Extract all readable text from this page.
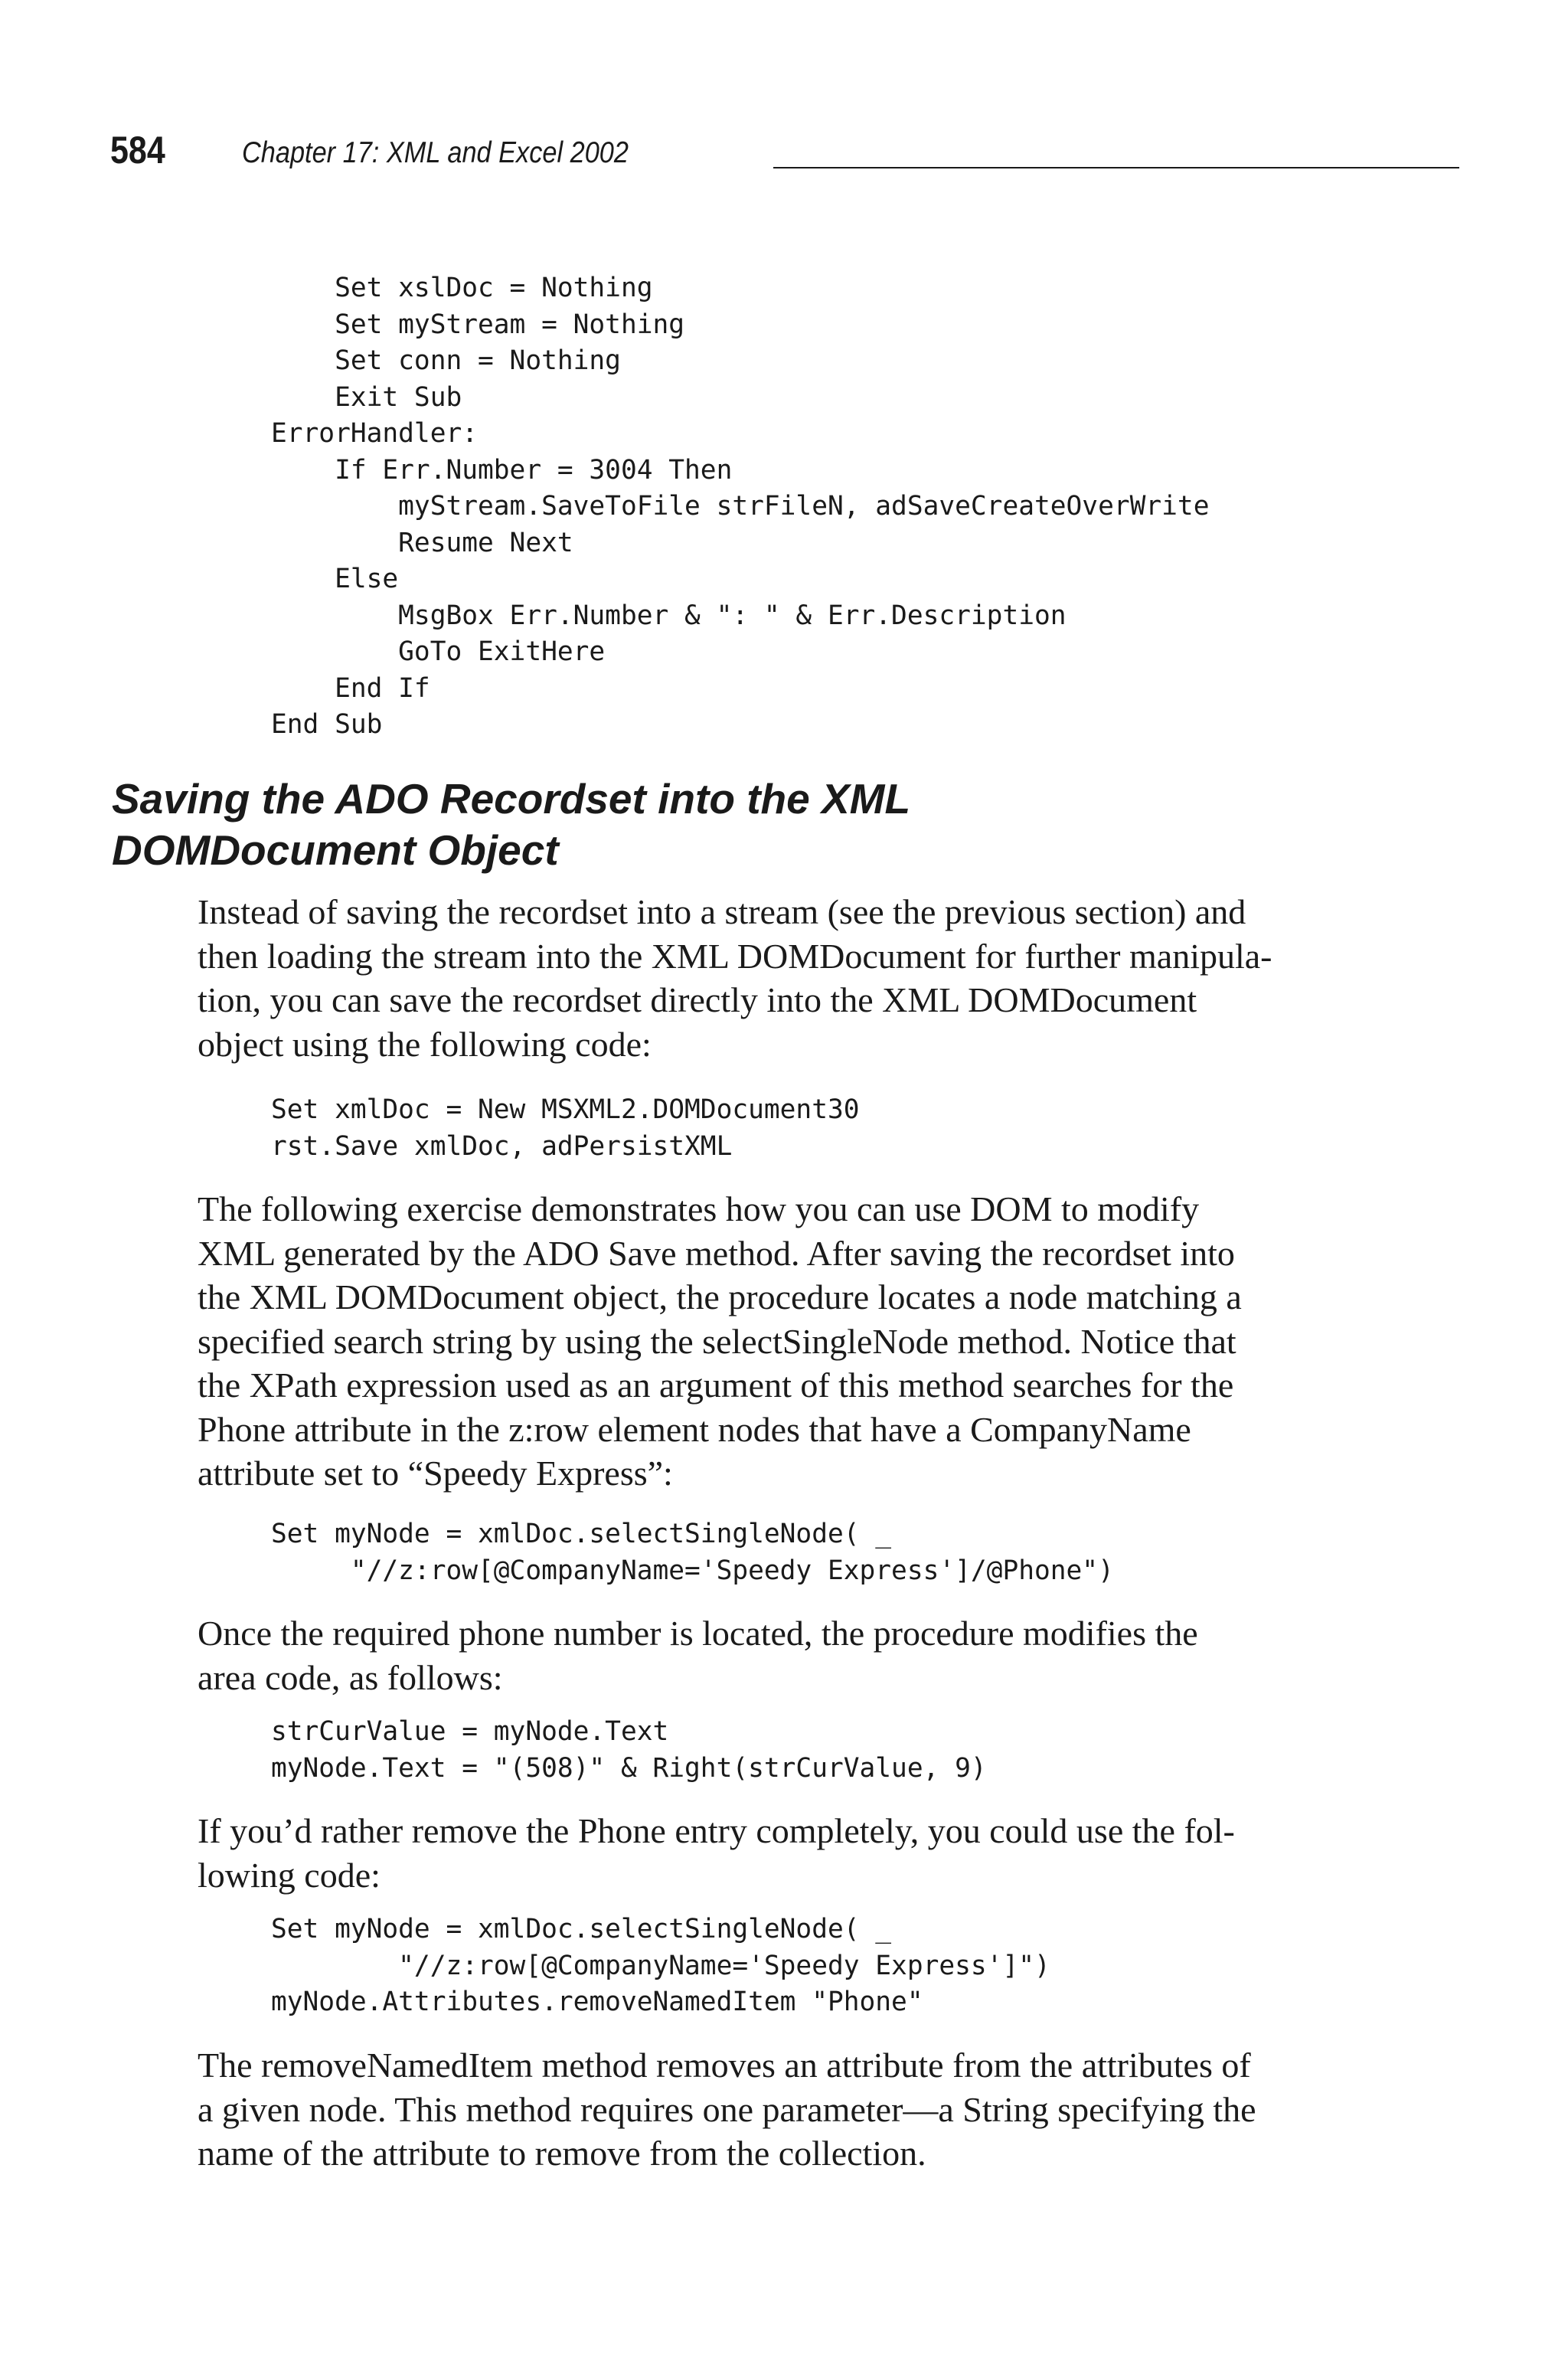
584	Chapter 17: XML and Excel 2002
Set xslDoc = Nothing
Set myStream = Nothing
Set conn = Nothing
Exit Sub
ErrorHandler:
If Err.Number = 3004 Then
myStream.SaveToFile strFileN, adSaveCreateOverWrite
Resume Next
Else
MsgBox Err.Number & ": " & Err.Description
GoTo ExitHere
End If
End Sub
Saving the ADO Recordset into the XML
DOMDocument Object

Instead of saving the recordset into a stream (see the previous section) and
then loading the stream into the XML DOMDocument for further manipula-
tion, you can save the recordset directly into the XML DOMDocument
object using the following code:

Set xmlDoc = New MSXML2.DOMDocument30
rst.Save xmlDoc, adPersistXML

The following exercise demonstrates how you can use DOM to modify
XML generated by the ADO Save method. After saving the recordset into
the XML DOMDocument object, the procedure locates a node matching a
specified search string by using the selectSingleNode method. Notice that
the XPath expression used as an argument of this method searches for the
Phone attribute in the z:row element nodes that have a CompanyName
attribute set to “Speedy Express”:

Set myNode = xmlDoc.selectSingleNode( _
"//z:row[@CompanyName='Speedy Express']/@Phone")

Once the required phone number is located, the procedure modifies the
area code, as follows:

strCurValue = myNode.Text
myNode.Text = "(508)" & Right(strCurValue, 9)

If you’d rather remove the Phone entry completely, you could use the fol-
lowing code:

Set myNode = xmlDoc.selectSingleNode( _
"//z:row[@CompanyName='Speedy Express']")
myNode.Attributes.removeNamedItem "Phone"

The removeNamedItem method removes an attribute from the attributes of
a given node. This method requires one parameter—a String specifying the
name of the attribute to remove from the collection.
